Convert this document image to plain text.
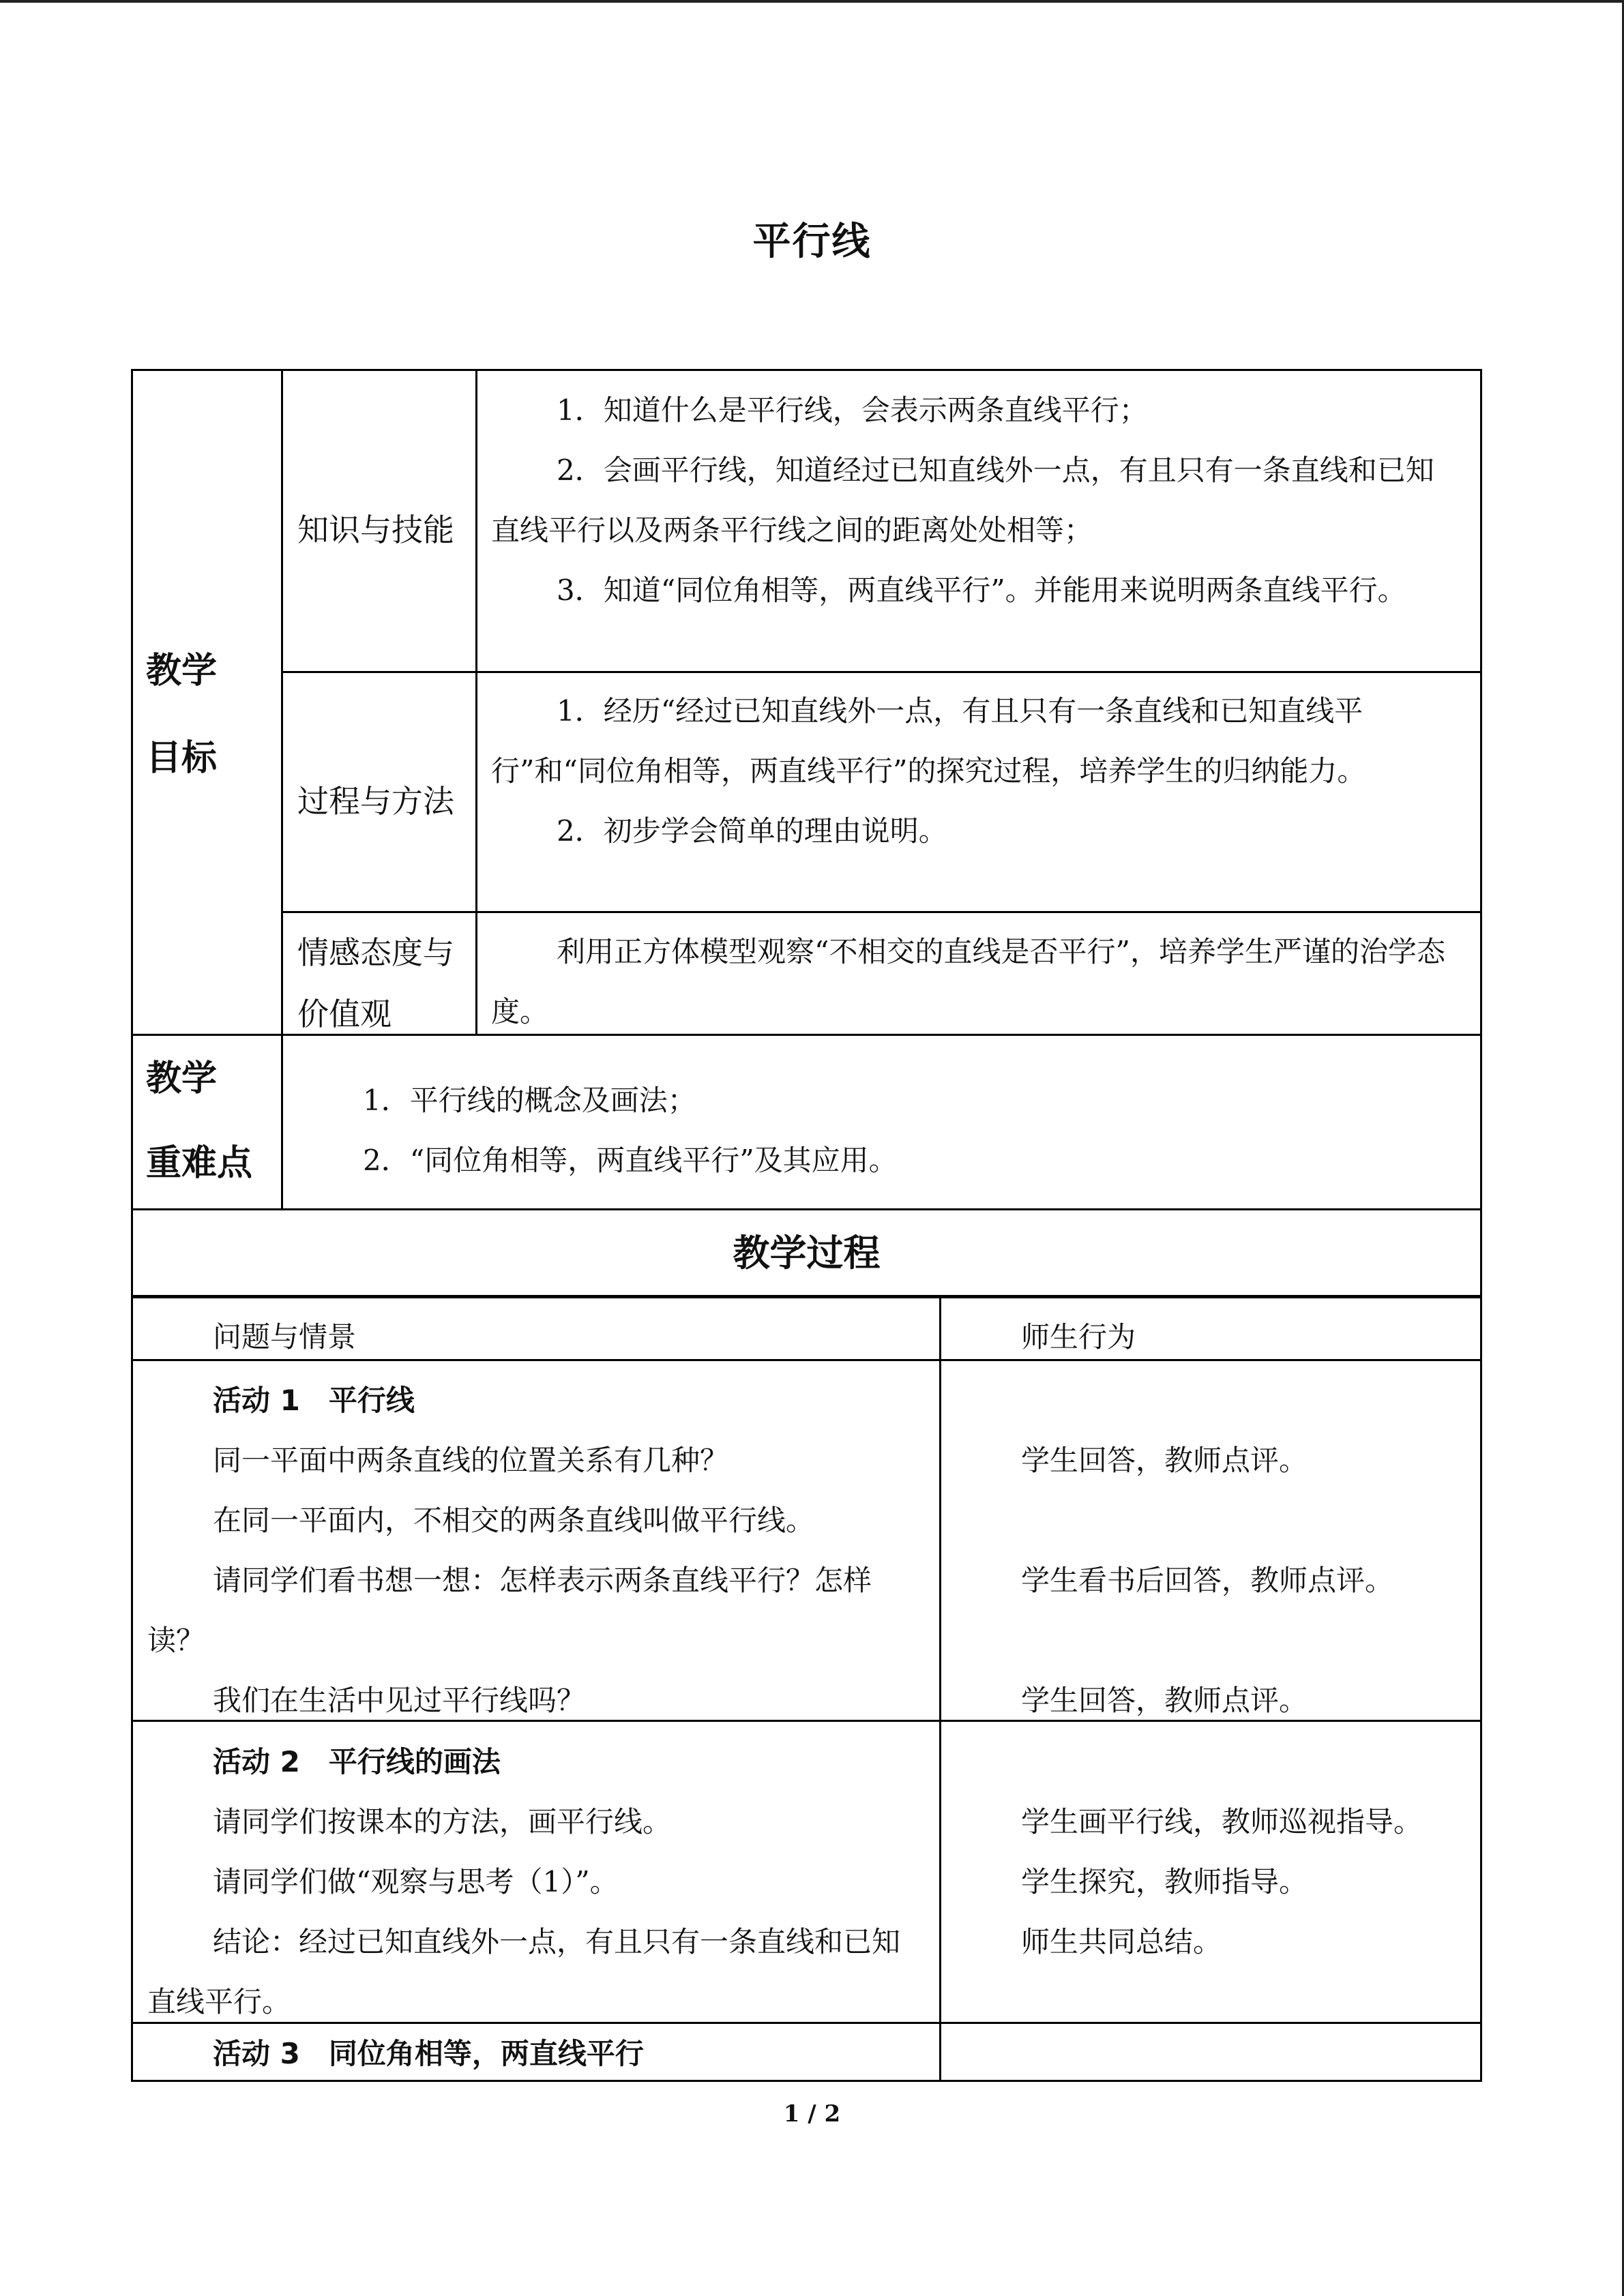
平行线
教学
目标
知识与技能
1．知道什么是平行线，会表示两条直线平行；
2．会画平行线，知道经过已知直线外一点，有且只有一条直线和已知直线平行以及两条平行线之间的距离处处相等；
3．知道“同位角相等，两直线平行”。并能用来说明两条直线平行。
过程与方法
1．经历“经过已知直线外一点，有且只有一条直线和已知直线平行”和“同位角相等，两直线平行”的探究过程，培养学生的归纳能力。
2．初步学会简单的理由说明。
情感态度与
价值观
利用正方体模型观察“不相交的直线是否平行”，培养学生严谨的治学态度。
教学
重难点
1．平行线的概念及画法；
2．“同位角相等，两直线平行”及其应用。
教学过程
问题与情景	师生行为
活动 1　平行线
同一平面中两条直线的位置关系有几种？
在同一平面内，不相交的两条直线叫做平行线。
请同学们看书想一想：怎样表示两条直线平行？怎样读？
我们在生活中见过平行线吗？
学生回答，教师点评。
学生看书后回答，教师点评。
学生回答，教师点评。
活动 2　平行线的画法
请同学们按课本的方法，画平行线。
请同学们做“观察与思考（1）”。
结论：经过已知直线外一点，有且只有一条直线和已知直线平行。
学生画平行线，教师巡视指导。
学生探究，教师指导。
师生共同总结。
活动 3　同位角相等，两直线平行
1 / 2
